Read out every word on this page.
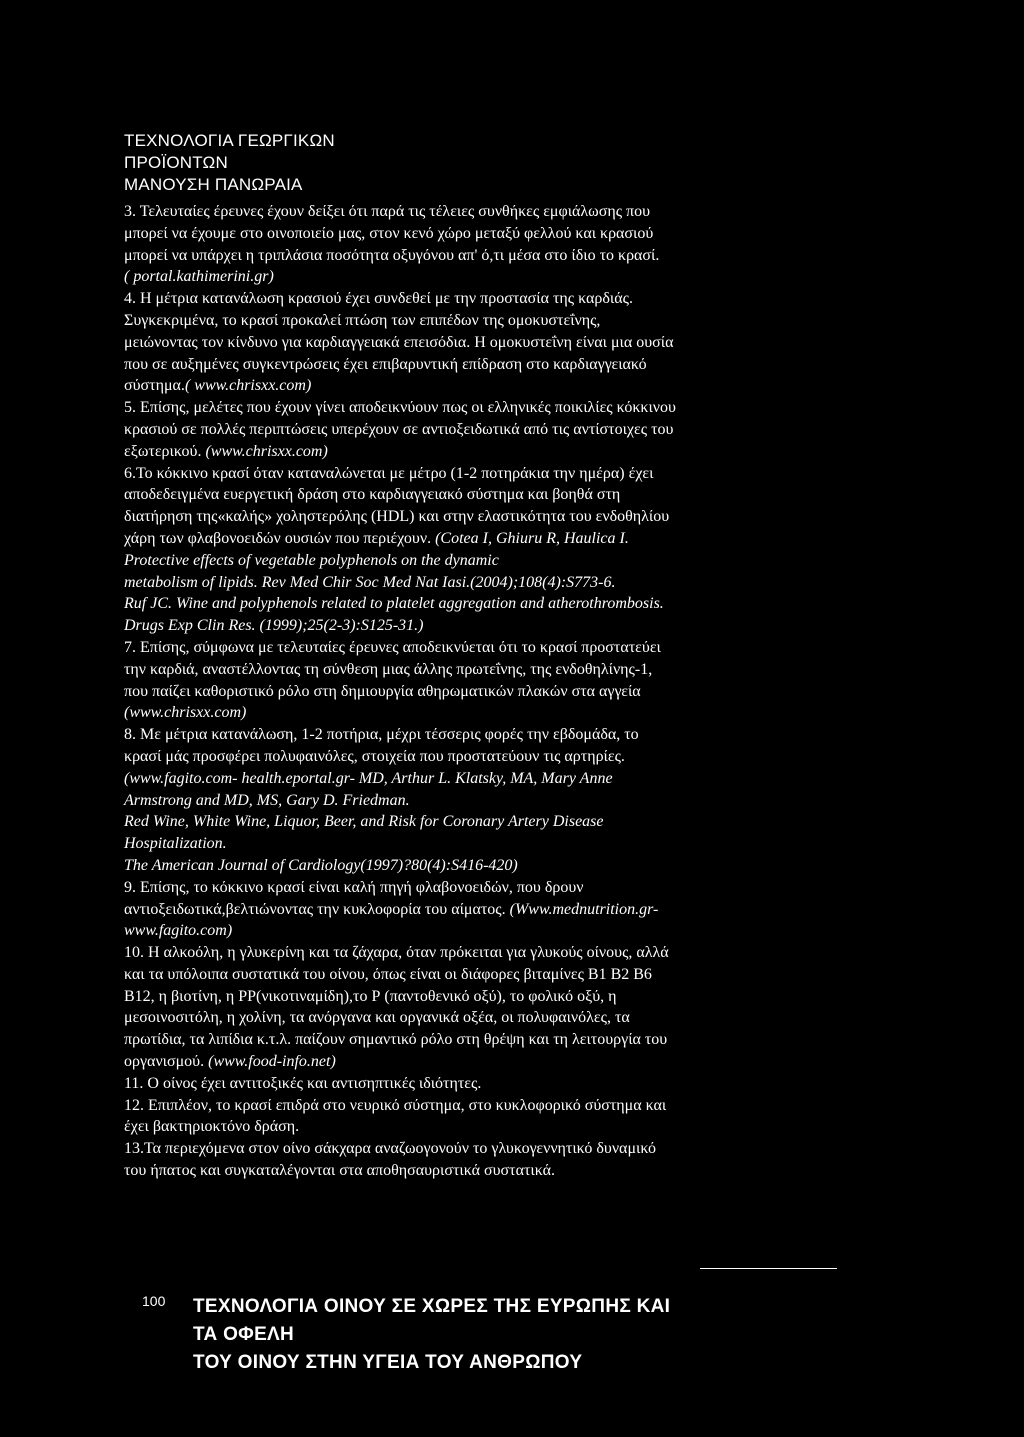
ΤΕΧΝΟΛΟΓΙΑ ΓΕΩΡΓΙΚΩΝ
ΠΡΟΪΟΝΤΩΝ
ΜΑΝΟΥΣΗ ΠΑΝΩΡΑΙΑ
3. Τελευταίες έρευνες έχουν δείξει ότι παρά τις τέλειες συνθήκες εμφιάλωσης που
μπορεί να έχουμε στο οινοποιείο μας, στον κενό χώρο μεταξύ φελλού και κρασιού
μπορεί να υπάρχει η τριπλάσια ποσότητα οξυγόνου απ' ό,τι μέσα στο ίδιο το κρασί.
( portal.kathimerini.gr)
4. Η μέτρια κατανάλωση κρασιού έχει συνδεθεί με την προστασία της καρδιάς.
Συγκεκριμένα, το κρασί προκαλεί πτώση των επιπέδων της ομοκυστεΐνης,
μειώνοντας τον κίνδυνο για καρδιαγγειακά επεισόδια. Η ομοκυστεΐνη είναι μια ουσία
που σε αυξημένες συγκεντρώσεις έχει επιβαρυντική επίδραση στο καρδιαγγειακό
σύστημα.( www.chrisxx.com)
5. Επίσης, μελέτες που έχουν γίνει αποδεικνύουν πως οι ελληνικές ποικιλίες κόκκινου
κρασιού σε πολλές περιπτώσεις υπερέχουν σε αντιοξειδωτικά από τις αντίστοιχες του
εξωτερικού. (www.chrisxx.com)
6.Το κόκκινο κρασί όταν καταναλώνεται με μέτρο (1-2 ποτηράκια την ημέρα) έχει
αποδεδειγμένα ευεργετική δράση στο καρδιαγγειακό σύστημα και βοηθά στη
διατήρηση της«καλής» χοληστερόλης (HDL) και στην ελαστικότητα του ενδοθηλίου
χάρη των φλαβονοειδών ουσιών που περιέχουν. (Cotea I, Ghiuru R, Haulica I.
Protective effects of vegetable polyphenols on the dynamic
metabolism of lipids. Rev Med Chir Soc Med Nat Iasi.(2004);108(4):S773-6.
Ruf JC. Wine and polyphenols related to platelet aggregation and atherothrombosis.
Drugs Exp Clin Res. (1999);25(2-3):S125-31.)
7. Επίσης, σύμφωνα με τελευταίες έρευνες αποδεικνύεται ότι το κρασί προστατεύει
την καρδιά, αναστέλλοντας τη σύνθεση μιας άλλης πρωτεΐνης, της ενδοθηλίνης-1,
που παίζει καθοριστικό ρόλο στη δημιουργία αθηρωματικών πλακών στα αγγεία
(www.chrisxx.com)
8. Με μέτρια κατανάλωση, 1-2 ποτήρια, μέχρι τέσσερις φορές την εβδομάδα, το
κρασί μάς προσφέρει πολυφαινόλες, στοιχεία που προστατεύουν τις αρτηρίες.
(www.fagito.com- health.eportal.gr- MD, Arthur L. Klatsky, MA, Mary Anne
Armstrong and MD, MS, Gary D. Friedman.
Red Wine, White Wine, Liquor, Beer, and Risk for Coronary Artery Disease
Hospitalization.
The American Journal of Cardiology(1997)?80(4):S416-420)
9. Επίσης, το κόκκινο κρασί είναι καλή πηγή φλαβονοειδών, που δρουν
αντιοξειδωτικά,βελτιώνοντας την κυκλοφορία του αίματος. (Www.mednutrition.gr-
www.fagito.com)
10. Η αλκοόλη, η γλυκερίνη και τα ζάχαρα, όταν πρόκειται για γλυκούς οίνους, αλλά
και τα υπόλοιπα συστατικά του οίνου, όπως είναι οι διάφορες βιταμίνες Β1 Β2 Β6
Β12, η βιοτίνη, η PP(νικοτιναμίδη),το Ρ (παντοθενικό οξύ), το φολικό οξύ, η
μεσοινοσιτόλη, η χολίνη, τα ανόργανα και οργανικά οξέα, οι πολυφαινόλες, τα
πρωτίδια, τα λιπίδια κ.τ.λ. παίζουν σημαντικό ρόλο στη θρέψη και τη λειτουργία του
οργανισμού. (www.food-info.net)
11. Ο οίνος έχει αντιτοξικές και αντισηπτικές ιδιότητες.
12. Επιπλέον, το κρασί επιδρά στο νευρικό σύστημα, στο κυκλοφορικό σύστημα και
έχει βακτηριοκτόνο δράση.
13.Τα περιεχόμενα στον οίνο σάκχαρα αναζωογονούν το γλυκογεννητικό δυναμικό
του ήπατος και συγκαταλέγονται στα αποθησαυριστικά συστατικά.
100 ΤΕΧΝΟΛΟΓΙΑ ΟΙΝΟΥ ΣΕ ΧΩΡΕΣ ΤΗΣ ΕΥΡΩΠΗΣ ΚΑΙ
ΤΑ ΟΦΕΛΗ
ΤΟΥ ΟΙΝΟΥ ΣΤΗΝ ΥΓΕΙΑ ΤΟΥ ΑΝΘΡΩΠΟΥ
